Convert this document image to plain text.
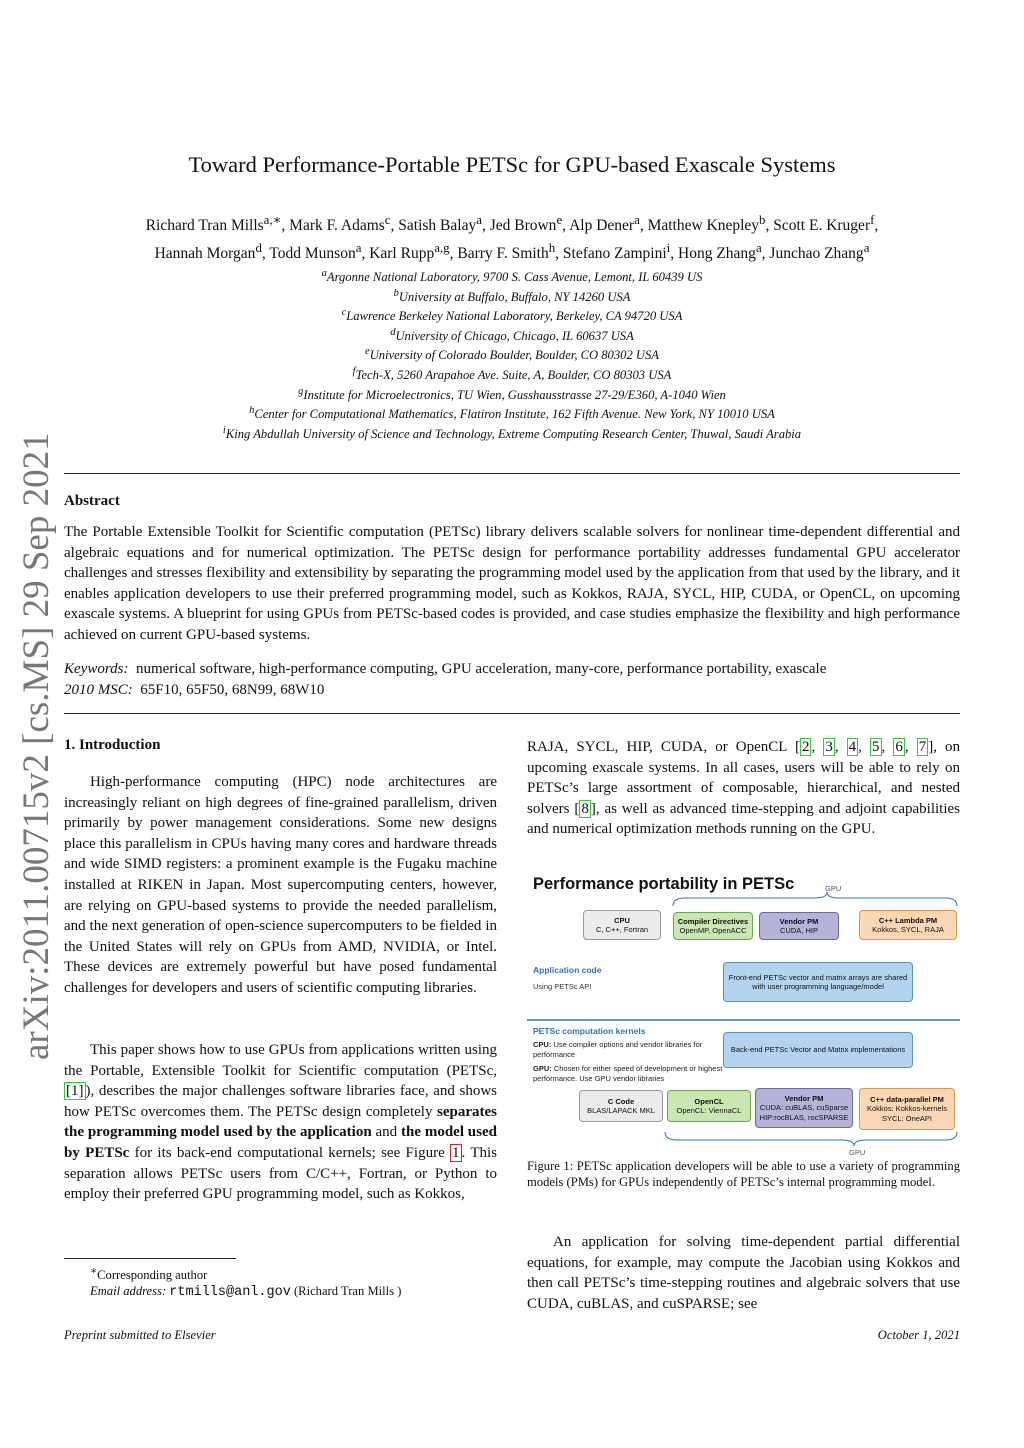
Toward Performance-Portable PETSc for GPU-based Exascale Systems
Richard Tran Mills$^{a,∗}$, Mark F. Adams$^c$, Satish Balay$^a$, Jed Brown$^e$, Alp Dener$^a$, Matthew Knepley$^b$, Scott E. Kruger$^f$,
Hannah Morgan$^d$, Todd Munson$^a$, Karl Rupp$^{a,g}$, Barry F. Smith$^h$, Stefano Zampini$^i$, Hong Zhang$^a$, Junchao Zhang$^a$
$^a$Argonne National Laboratory, 9700 S. Cass Avenue, Lemont, IL 60439 US
$^b$University at Buffalo, Buffalo, NY 14260 USA
$^c$Lawrence Berkeley National Laboratory, Berkeley, CA 94720 USA
$^d$University of Chicago, Chicago, IL 60637 USA
$^e$University of Colorado Boulder, Boulder, CO 80302 USA
$^f$Tech-X, 5260 Arapahoe Ave. Suite, A, Boulder, CO 80303 USA
$^g$Institute for Microelectronics, TU Wien, Gusshausstrasse 27-29/E360, A-1040 Wien
$^h$Center for Computational Mathematics, Flatiron Institute, 162 Fifth Avenue. New York, NY 10010 USA
$^i$King Abdullah University of Science and Technology, Extreme Computing Research Center, Thuwal, Saudi Arabia
arXiv:2011.00715v2 [cs.MS] 29 Sep 2021 Abstract
The Portable Extensible Toolkit for Scientific computation (PETSc) library delivers scalable solvers for nonlinear time-dependent differential and algebraic equations and for numerical optimization. The PETSc design for performance portability addresses fundamental GPU accelerator challenges and stresses flexibility and extensibility by separating the programming model used by the application from that used by the library, and it enables application developers to use their preferred programming model, such as Kokkos, RAJA, SYCL, HIP, CUDA, or OpenCL, on upcoming exascale systems. A blueprint for using GPUs from PETSc-based codes is provided, and case studies emphasize the flexibility and high performance achieved on current GPU-based systems.
Keywords: numerical software, high-performance computing, GPU acceleration, many-core, performance portability, exascale
2010 MSC: 65F10, 65F50, 68N99, 68W10
1. Introduction
High-performance computing (HPC) node architectures are increasingly reliant on high degrees of fine-grained parallelism, driven primarily by power management considerations. Some new designs place this parallelism in CPUs having many cores and hardware threads and wide SIMD registers: a prominent example is the Fugaku machine installed at RIKEN in Japan. Most supercomputing centers, however, are relying on GPU-based systems to provide the needed parallelism, and the next generation of open-science supercomputers to be fielded in the United States will rely on GPUs from AMD, NVIDIA, or Intel. These devices are extremely powerful but have posed fundamental challenges for developers and users of scientific computing libraries.
This paper shows how to use GPUs from applications written using the Portable, Extensible Toolkit for Scientific computation (PETSc, [1] ), describes the major challenges software libraries face, and shows how PETSc overcomes them. The PETSc design completely separates the programming model used by the application and the model used by PETSc for its back-end computational kernels; see Figure 1 . This separation allows PETSc users from C/C++, Fortran, or Python to employ their preferred GPU programming model, such as Kokkos,
RAJA, SYCL, HIP, CUDA, or OpenCL [ 2 , 3 , 4 , 5 , 6 , 7 ], on upcoming exascale systems. In all cases, users will be able to rely on PETSc’s large assortment of composable, hierarchical, and nested solvers [ 8 ], as well as advanced time-stepping and adjoint capabilities and numerical optimization methods running on the GPU.
Performance portability in PETSc	GPU
CPU
C, C++, Fortran
Compiler Directives
OpenMP, OpenACC
Vendor PM
CUDA, HIP
C++ Lambda PM
Kokkos, SYCL, RAJA
Application code
Using PETSc API
Front-end PETSc vector and matrix arrays are shared with user programming language/model
PETSc computation kernels
CPU: Use compiler options and vendor libraries for performance
GPU: Chosen for either speed of development or highest performance. Use GPU vendor libraries
Back-end PETSc Vector and Matrix implementations
C Code
BLAS/LAPACK MKL
OpenCL
OpenCL: ViennaCL
Vendor PM
CUDA: cuBLAS, cuSparse
HIP:rocBLAS, rocSPARSE
C++ data-parallel PM
Kokkos: Kokkos-kernels
SYCL: OneAPI
GPU
Figure 1: PETSc application developers will be able to use a variety of programming models (PMs) for GPUs independently of PETSc’s internal programming model.
An application for solving time-dependent partial differential equations, for example, may compute the Jacobian using Kokkos and then call PETSc’s time-stepping routines and algebraic solvers that use CUDA, cuBLAS, and cuSPARSE; see
∗Corresponding author
Email address: rtmills@anl.gov (Richard Tran Mills )
Preprint submitted to Elsevier	October 1, 2021
